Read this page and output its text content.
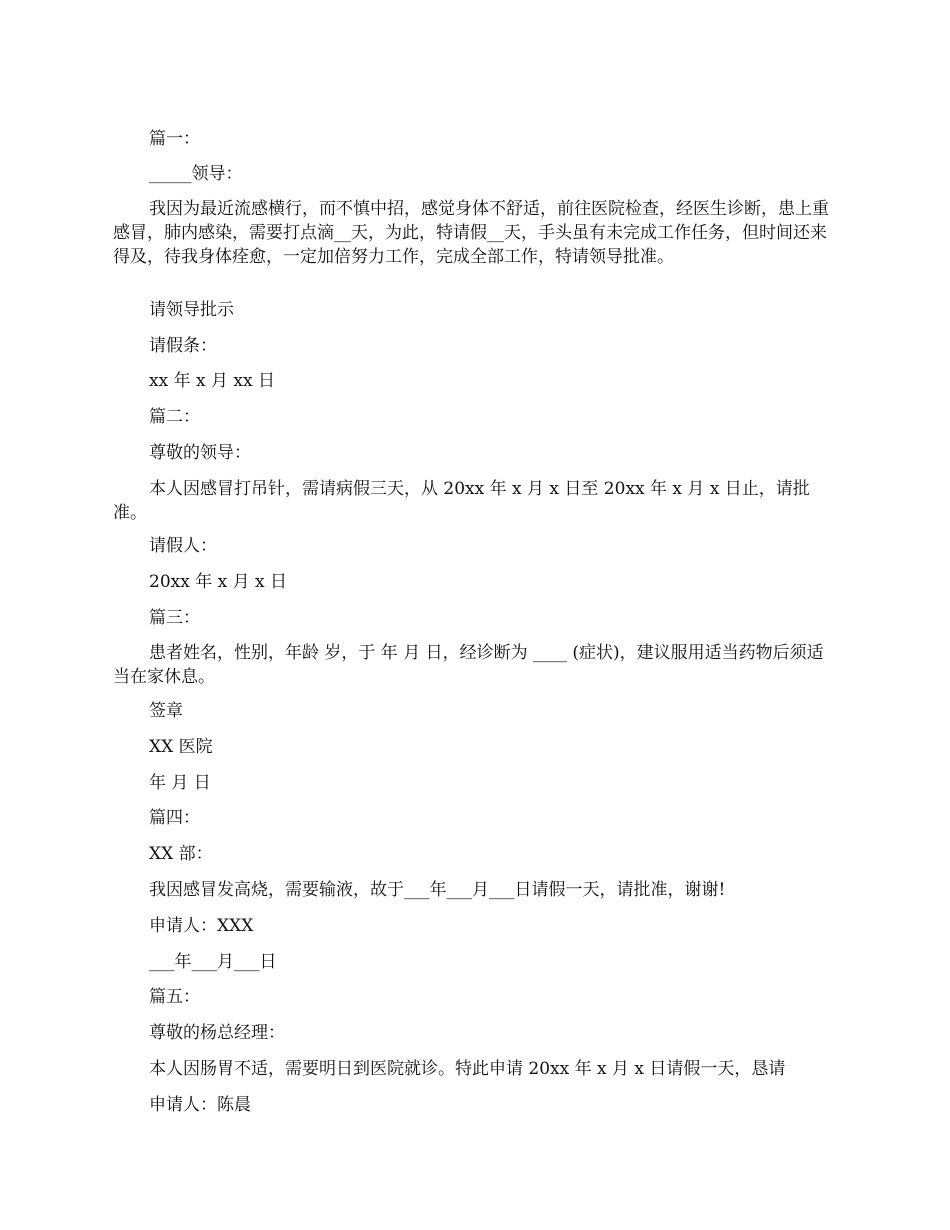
篇一：
_____领导：
我因为最近流感横行，而不慎中招，感觉身体不舒适，前往医院检查，经医生诊断，患上重感冒，肺内感染，需要打点滴__天，为此，特请假__天，手头虽有未完成工作任务，但时间还来得及，待我身体痊愈，一定加倍努力工作，完成全部工作，特请领导批准。
请领导批示
请假条：
xx 年 x 月 xx 日
篇二：
尊敬的领导：
本人因感冒打吊针，需请病假三天，从 20xx 年 x 月 x 日至 20xx 年 x 月 x 日止，请批准。
请假人：
20xx 年 x 月 x 日
篇三：
患者姓名，性别，年龄 岁，于 年 月 日，经诊断为 ____ (症状)，建议服用适当药物后须适当在家休息。
签章
XX 医院
年 月 日
篇四：
XX 部：
我因感冒发高烧，需要输液，故于___年___月___日请假一天，请批准，谢谢!
申请人：XXX
___年___月___日
篇五：
尊敬的杨总经理：
本人因肠胃不适，需要明日到医院就诊。特此申请 20xx 年 x 月 x 日请假一天，恳请
申请人：陈晨
